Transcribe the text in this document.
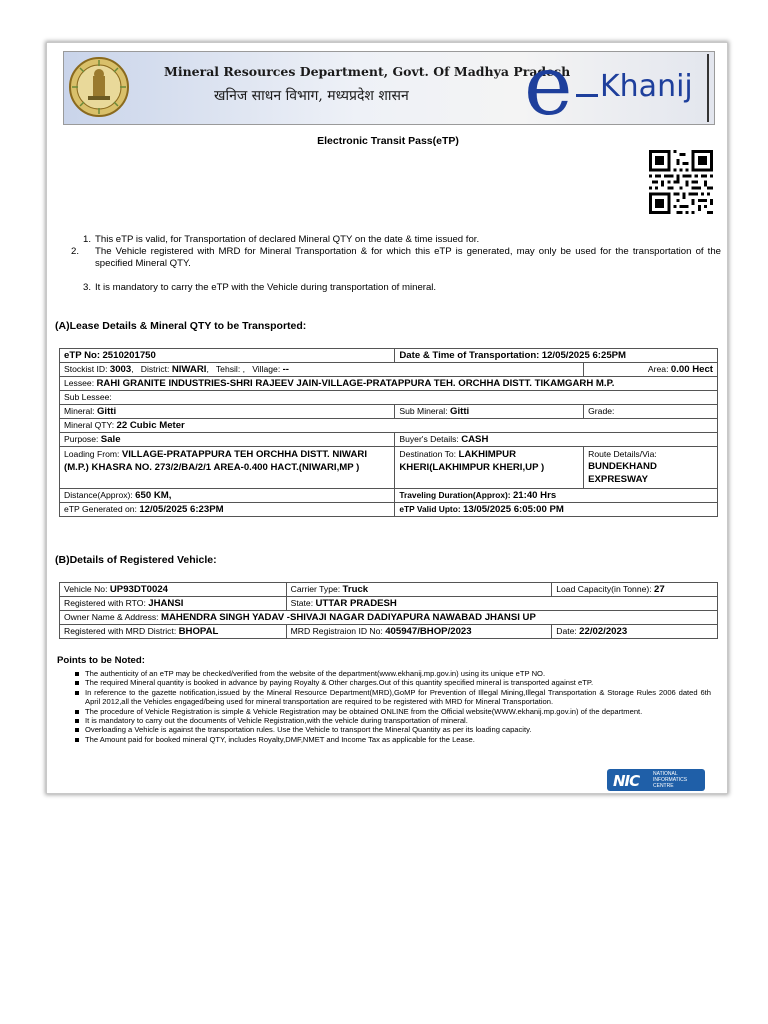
Mineral Resources Department, Govt. Of Madhya Pradesh
खनिज साधन विभाग, मध्यप्रदेश शासन e Khanij
Electronic Transit Pass(eTP)
1. This eTP is valid, for Transportation of declared Mineral QTY on the date & time issued for.
2. The Vehicle registered with MRD for Mineral Transportation & for which this eTP is generated, may only be used for the transportation of the specified Mineral QTY.
3. It is mandatory to carry the eTP with the Vehicle during transportation of mineral.
(A)Lease Details & Mineral QTY to be Transported:
eTP No: 2510201750	Date & Time of Transportation: 12/05/2025 6:25PM	
Stockist ID: 3003,   District: NIWARI,   Tehsil: ,   Village: --		Area: 0.00 Hect
Lessee: RAHI GRANITE INDUSTRIES-SHRI RAJEEV JAIN-VILLAGE-PRATAPPURA TEH. ORCHHA DISTT. TIKAMGARH M.P.		
Sub Lessee:		
Mineral: Gitti	Sub Mineral: Gitti	Grade:
Mineral QTY: 22 Cubic Meter		
Purpose: Sale	Buyer's Details: CASH	
Loading From: VILLAGE-PRATAPPURA TEH ORCHHA DISTT. NIWARI (M.P.) KHASRA NO. 273/2/BA/2/1 AREA-0.400 HACT.(NIWARI,MP )	Destination To: LAKHIMPUR KHERI(LAKHIMPUR KHERI,UP )	Route Details/Via:
BUNDEKHAND EXPRESWAY
Distance(Approx): 650 KM,	Traveling Duration(Approx): 21:40 Hrs	
eTP Generated on: 12/05/2025 6:23PM	eTP Valid Upto: 13/05/2025 6:05:00 PM	
(B)Details of Registered Vehicle:
Vehicle No: UP93DT0024	Carrier Type: Truck	Load Capacity(in Tonne): 27
Registered with RTO: JHANSI	State: UTTAR PRADESH	
Owner Name & Address: MAHENDRA SINGH YADAV -SHIVAJI NAGAR DADIYAPURA NAWABAD JHANSI UP		
Registered with MRD District: BHOPAL	MRD Registraion ID No: 405947/BHOP/2023	Date: 22/02/2023
Points to be Noted:
The authenticity of an eTP may be checked/verified from the website of the department(www.ekhanij.mp.gov.in) using its unique eTP NO.
The required Mineral quantity is booked in advance by paying Royalty & Other charges.Out of this quantity specified mineral is transported against eTP.
In reference to the gazette notification,issued by the Mineral Resource Department(MRD),GoMP for Prevention of Illegal Mining,Illegal Transportation & Storage Rules 2006 dated 6th April 2012,all the Vehicles engaged/being used for mineral transportation are required to be registered with MRD for Mineral Transportation.
The procedure of Vehicle Registration is simple & Vehicle Registration may be obtained ONLINE from the Official website(WWW.ekhanij.mp.gov.in) of the department.
It is mandatory to carry out the documents of Vehicle Registration,with the vehicle during transportation of mineral.
Overloading a Vehicle is against the transportation rules. Use the Vehicle to transport the Mineral Quantity as per its loading capacity.
The Amount paid for booked mineral QTY, includes Royalty,DMF,NMET and Income Tax as applicable for the Lease.
NIC	NATIONAL
INFORMATICS
CENTRE
